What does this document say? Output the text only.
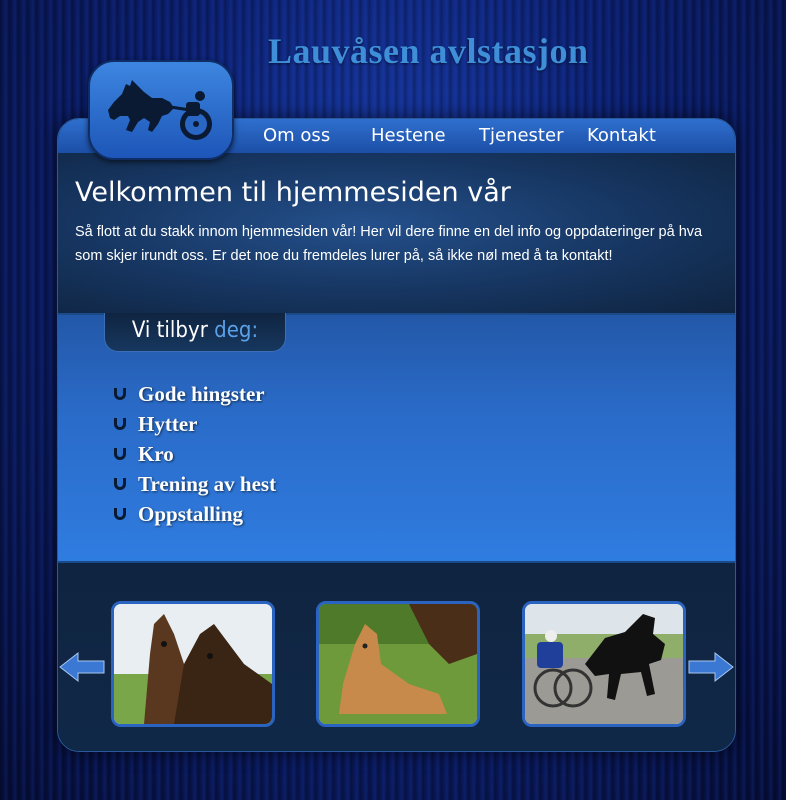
Lauvåsen avlstasjon
Om oss Hestene Tjenester Kontakt
Velkommen til hjemmesiden vår

Så flott at du stakk innom hjemmesiden vår! Her vil dere finne en del info og oppdateringer på hva som skjer irundt oss. Er det noe du fremdeles lurer på, så ikke nøl med å ta kontakt!

Vi tilbyr deg:
Gode hingster
Hytter
Kro
Trening av hest
Oppstalling
